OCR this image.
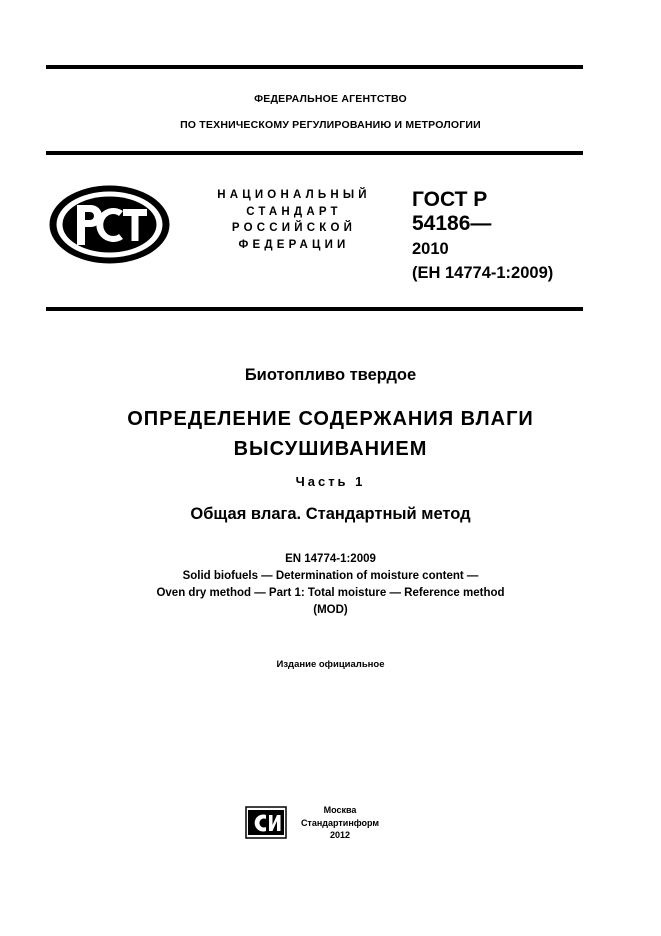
ФЕДЕРАЛЬНОЕ АГЕНТСТВО
ПО ТЕХНИЧЕСКОМУ РЕГУЛИРОВАНИЮ И МЕТРОЛОГИИ
НАЦИОНАЛЬНЫЙ
СТАНДАРТ
РОССИЙСКОЙ
ФЕДЕРАЦИИ
ГОСТ Р
54186—
2010
(ЕН 14774-1:2009)
Биотопливо твердое
ОПРЕДЕЛЕНИЕ СОДЕРЖАНИЯ ВЛАГИ
ВЫСУШИВАНИЕМ
Часть 1
Общая влага. Стандартный метод
EN 14774-1:2009
Solid biofuels — Determination of moisture content —
Oven dry method — Part 1: Total moisture — Reference method
(MOD)
Издание официальное
Москва
Стандартинформ
2012
